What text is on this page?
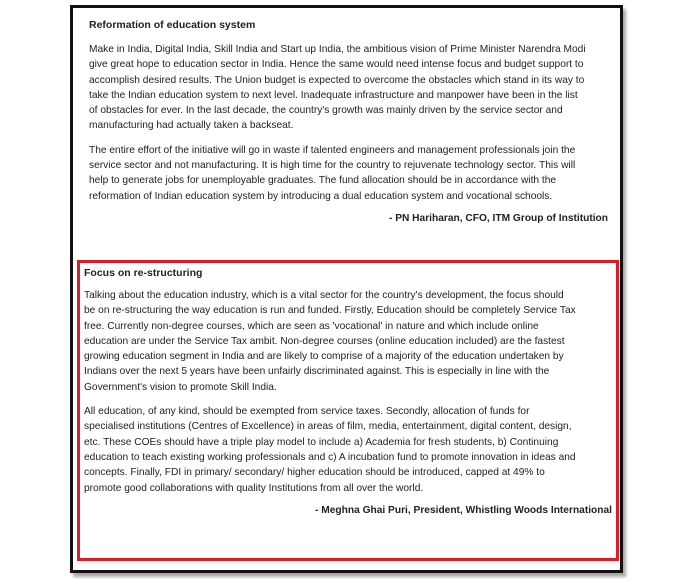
Reformation of education system
Make in India, Digital India, Skill India and Start up India, the ambitious vision of Prime Minister Narendra Modi
give great hope to education sector in India. Hence the same would need intense focus and budget support to
accomplish desired results. The Union budget is expected to overcome the obstacles which stand in its way to
take the Indian education system to next level. Inadequate infrastructure and manpower have been in the list
of obstacles for ever. In the last decade, the country's growth was mainly driven by the service sector and
manufacturing had actually taken a backseat.
The entire effort of the initiative will go in waste if talented engineers and management professionals join the
service sector and not manufacturing. It is high time for the country to rejuvenate technology sector. This will
help to generate jobs for unemployable graduates. The fund allocation should be in accordance with the
reformation of Indian education system by introducing a dual education system and vocational schools.
- PN Hariharan, CFO, ITM Group of Institution
Focus on re-structuring
Talking about the education industry, which is a vital sector for the country's development, the focus should
be on re-structuring the way education is run and funded. Firstly, Education should be completely Service Tax
free. Currently non-degree courses, which are seen as 'vocational' in nature and which include online
education are under the Service Tax ambit. Non-degree courses (online education included) are the fastest
growing education segment in India and are likely to comprise of a majority of the education undertaken by
Indians over the next 5 years have been unfairly discriminated against. This is especially in line with the
Government's vision to promote Skill India.
All education, of any kind, should be exempted from service taxes. Secondly, allocation of funds for
specialised institutions (Centres of Excellence) in areas of film, media, entertainment, digital content, design,
etc. These COEs should have a triple play model to include a) Academia for fresh students, b) Continuing
education to teach existing working professionals and c) A incubation fund to promote innovation in ideas and
concepts. Finally, FDI in primary/ secondary/ higher education should be introduced, capped at 49% to
promote good collaborations with quality Institutions from all over the world.
- Meghna Ghai Puri, President, Whistling Woods International
